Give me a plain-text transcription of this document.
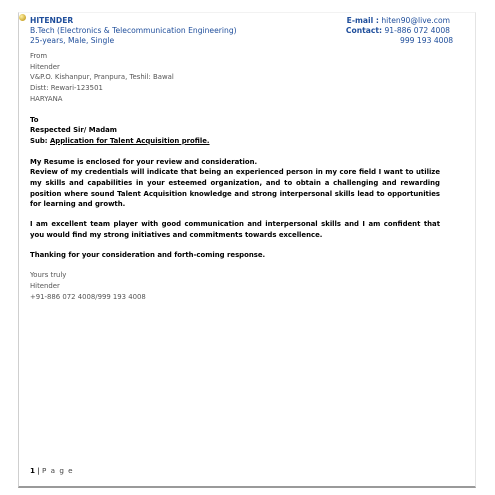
HITENDER
B.Tech (Electronics & Telecommunication Engineering)
25-years, Male, Single
E-mail : hiten90@live.com
Contact: 91-886 072 4008
999 193 4008
From
Hitender
V&P.O. Kishanpur, Pranpura, Teshil: Bawal
Distt: Rewari-123501
HARYANA
To
Respected Sir/ Madam
Sub: Application for Talent Acquisition profile.

My Resume is enclosed for your review and consideration.

Review of my credentials will indicate that being an experienced person in my core field I want to utilize my skills and capabilities in your esteemed organization, and to obtain a challenging and rewarding position where sound Talent Acquisition knowledge and strong interpersonal skills lead to opportunities for learning and growth.

I am excellent team player with good communication and interpersonal skills and I am confident that you would find my strong initiatives and commitments towards excellence.

Thanking for your consideration and forth-coming response.

Yours truly
Hitender
+91-886 072 4008/999 193 4008
1 | P a g e
